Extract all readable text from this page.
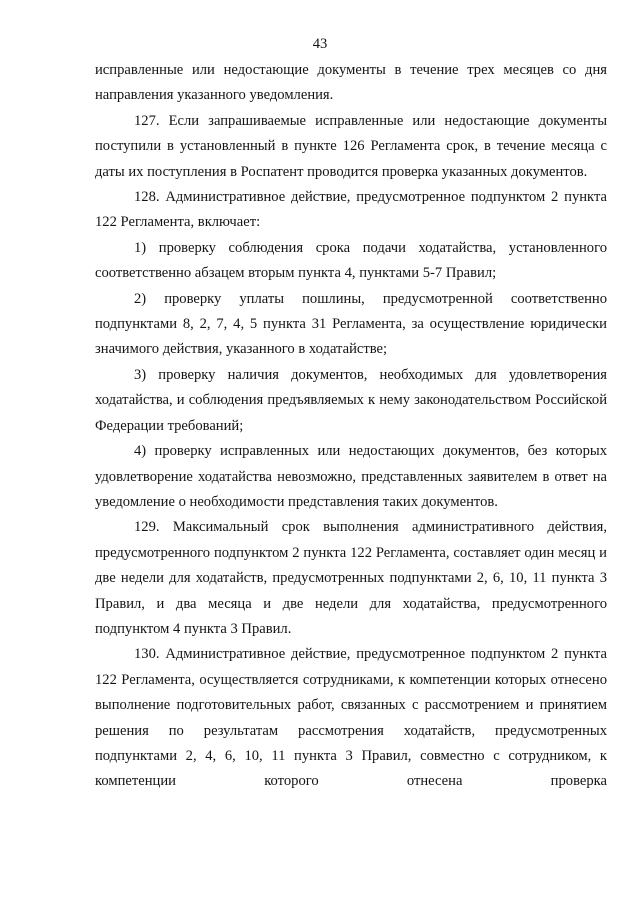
43

исправленные или недостающие документы в течение трех месяцев со дня направления указанного уведомления.

127. Если запрашиваемые исправленные или недостающие документы поступили в установленный в пункте 126 Регламента срок, в течение месяца с даты их поступления в Роспатент проводится проверка указанных документов.

128. Административное действие, предусмотренное подпунктом 2 пункта 122 Регламента, включает:

1) проверку соблюдения срока подачи ходатайства, установленного соответственно абзацем вторым пункта 4, пунктами 5-7 Правил;

2) проверку уплаты пошлины, предусмотренной соответственно подпунктами 8, 2, 7, 4, 5 пункта 31 Регламента, за осуществление юридически значимого действия, указанного в ходатайстве;

3) проверку наличия документов, необходимых для удовлетворения ходатайства, и соблюдения предъявляемых к нему законодательством Российской Федерации требований;

4) проверку исправленных или недостающих документов, без которых удовлетворение ходатайства невозможно, представленных заявителем в ответ на уведомление о необходимости представления таких документов.

129. Максимальный срок выполнения административного действия, предусмотренного подпунктом 2 пункта 122 Регламента, составляет один месяц и две недели для ходатайств, предусмотренных подпунктами 2, 6, 10, 11 пункта 3 Правил, и два месяца и две недели для ходатайства, предусмотренного подпунктом 4 пункта 3 Правил.

130. Административное действие, предусмотренное подпунктом 2 пункта 122 Регламента, осуществляется сотрудниками, к компетенции которых отнесено выполнение подготовительных работ, связанных с рассмотрением и принятием решения по результатам рассмотрения ходатайств, предусмотренных подпунктами 2, 4, 6, 10, 11 пункта 3 Правил, совместно с сотрудником, к компетенции которого отнесена проверка
